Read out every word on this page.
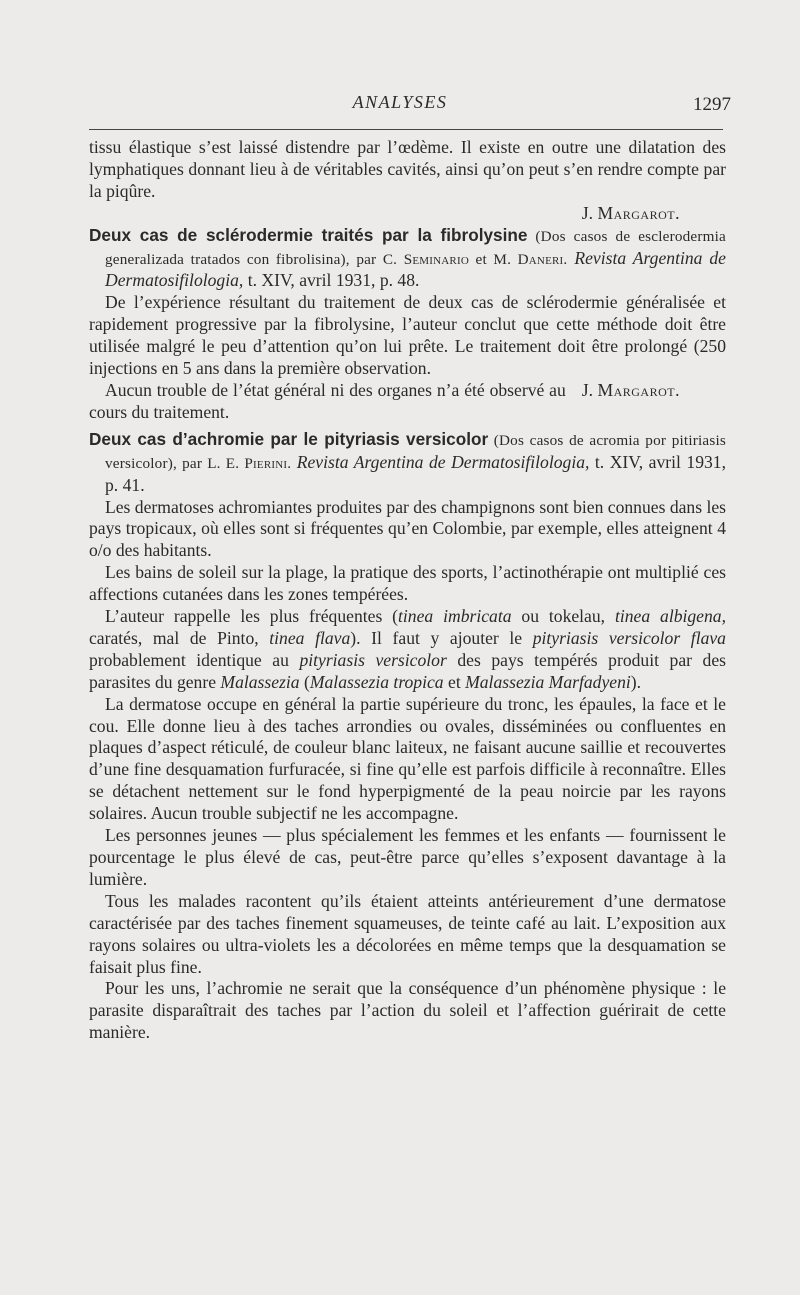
ANALYSES	1297

tissu élastique s’est laissé distendre par l’œdème. Il existe en outre une dilatation des lymphatiques donnant lieu à de véritables cavités, ainsi qu’on peut s’en rendre compte par la piqûre.

J. Margarot.

Deux cas de sclérodermie traités par la fibrolysine (Dos casos de esclerodermia generalizada tratados con fibrolisina), par C. Seminario et M. Daneri. Revista Argentina de Dermatosifilologia, t. XIV, avril 1931, p. 48.

De l’expérience résultant du traitement de deux cas de sclérodermie généralisée et rapidement progressive par la fibrolysine, l’auteur conclut que cette méthode doit être utilisée malgré le peu d’attention qu’on lui prête. Le traitement doit être prolongé (250 injections en 5 ans dans la première observation.

J. Margarot.
Aucun trouble de l’état général ni des organes n’a été observé au cours du traitement.

Deux cas d’achromie par le pityriasis versicolor (Dos casos de acromia por pitiriasis versicolor), par L. E. Pierini. Revista Argentina de Dermatosifilologia, t. XIV, avril 1931, p. 41.

Les dermatoses achromiantes produites par des champignons sont bien connues dans les pays tropicaux, où elles sont si fréquentes qu’en Colombie, par exemple, elles atteignent 4 o/o des habitants.

Les bains de soleil sur la plage, la pratique des sports, l’actinothérapie ont multiplié ces affections cutanées dans les zones tempérées.

L’auteur rappelle les plus fréquentes (tinea imbricata ou tokelau, tinea albigena, caratés, mal de Pinto, tinea flava). Il faut y ajouter le pityriasis versicolor flava probablement identique au pityriasis versicolor des pays tempérés produit par des parasites du genre Malassezia (Malassezia tropica et Malassezia Marfadyeni).

La dermatose occupe en général la partie supérieure du tronc, les épaules, la face et le cou. Elle donne lieu à des taches arrondies ou ovales, disséminées ou confluentes en plaques d’aspect réticulé, de couleur blanc laiteux, ne faisant aucune saillie et recouvertes d’une fine desquamation furfuracée, si fine qu’elle est parfois difficile à reconnaître. Elles se détachent nettement sur le fond hyperpigmenté de la peau noircie par les rayons solaires. Aucun trouble subjectif ne les accompagne.

Les personnes jeunes — plus spécialement les femmes et les enfants — fournissent le pourcentage le plus élevé de cas, peut-être parce qu’elles s’exposent davantage à la lumière.

Tous les malades racontent qu’ils étaient atteints antérieurement d’une dermatose caractérisée par des taches finement squameuses, de teinte café au lait. L’exposition aux rayons solaires ou ultra-violets les a décolorées en même temps que la desquamation se faisait plus fine.

Pour les uns, l’achromie ne serait que la conséquence d’un phénomène physique : le parasite disparaîtrait des taches par l’action du soleil et l’affection guérirait de cette manière.
